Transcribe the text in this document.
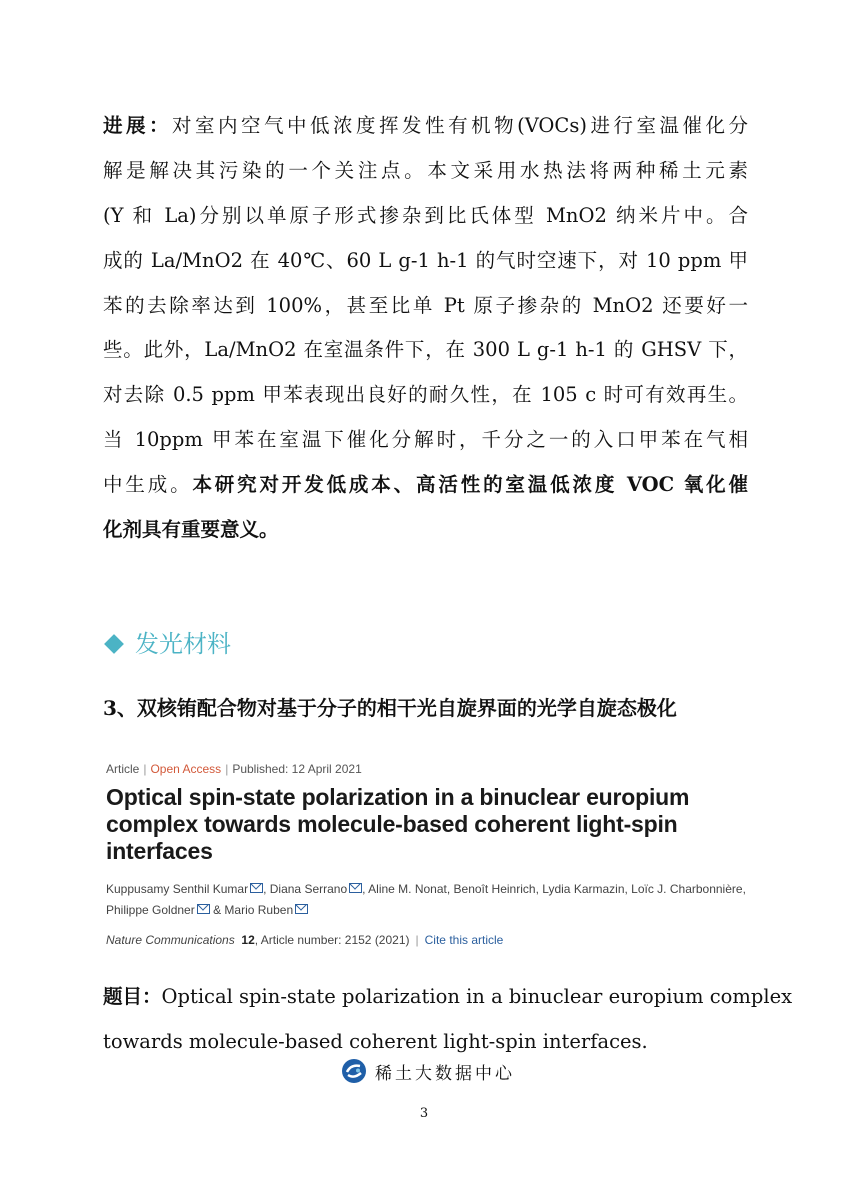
进展：对室内空气中低浓度挥发性有机物(VOCs)进行室温催化分
解是解决其污染的一个关注点。本文采用水热法将两种稀土元素
(Y 和 La)分别以单原子形式掺杂到比氏体型 MnO2 纳米片中。合
成的 La/MnO2 在 40℃、60 L g-1 h-1 的气时空速下，对 10 ppm 甲
苯的去除率达到 100%，甚至比单 Pt 原子掺杂的 MnO2 还要好一
些。此外，La/MnO2 在室温条件下，在 300 L g-1 h-1 的 GHSV 下，
对去除 0.5 ppm 甲苯表现出良好的耐久性，在 105 c 时可有效再生。
当 10ppm 甲苯在室温下催化分解时，千分之一的入口甲苯在气相
中生成。本研究对开发低成本、高活性的室温低浓度 VOC 氧化催
化剂具有重要意义。
发光材料
3、双核铕配合物对基于分子的相干光自旋界面的光学自旋态极化
Article | Open Access | Published: 12 April 2021
Optical spin-state polarization in a binuclear europium complex towards molecule-based coherent light-spin interfaces
Kuppusamy Senthil Kumar , Diana Serrano , Aline M. Nonat, Benoît Heinrich, Lydia Karmazin, Loïc J. Charbonnière,
Philippe Goldner & Mario Ruben
Nature Communications 12, Article number: 2152 (2021) | Cite this article
题目：Optical spin-state polarization in a binuclear europium complex
towards molecule-based coherent light-spin interfaces.
稀土大数据中心
3
